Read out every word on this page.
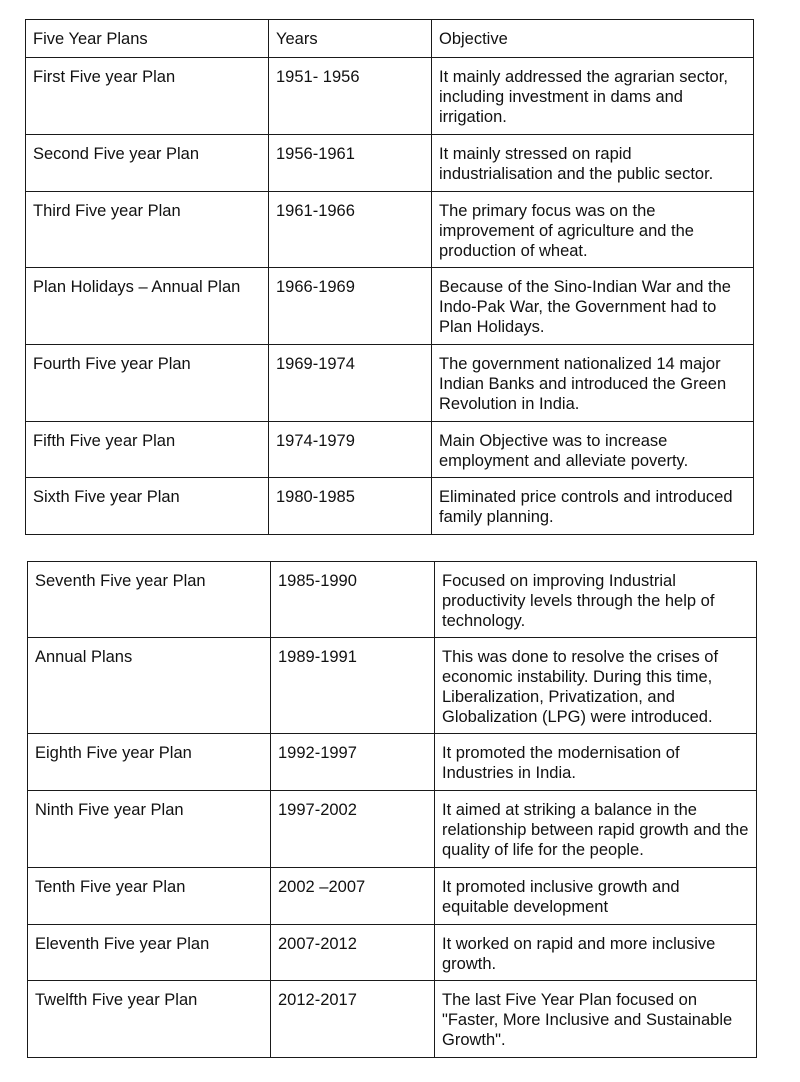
Five Year Plans	Years	Objective
First Five year Plan	1951- 1956	It mainly addressed the agrarian sector, including investment in dams and irrigation.
Second Five year Plan	1956-1961	It mainly stressed on rapid industrialisation and the public sector.
Third Five year Plan	1961-1966	The primary focus was on the improvement of agriculture and the production of wheat.
Plan Holidays – Annual Plan	1966-1969	Because of the Sino-Indian War and the Indo-Pak War, the Government had to Plan Holidays.
Fourth Five year Plan	1969-1974	The government nationalized 14 major Indian Banks and introduced the Green Revolution in India.
Fifth Five year Plan	1974-1979	Main Objective was to increase employment and alleviate poverty.
Sixth Five year Plan	1980-1985	Eliminated price controls and introduced family planning.
Seventh Five year Plan	1985-1990	Focused on improving Industrial productivity levels through the help of technology.
Annual Plans	1989-1991	This was done to resolve the crises of economic instability. During this time, Liberalization, Privatization, and Globalization (LPG) were introduced.
Eighth Five year Plan	1992-1997	It promoted the modernisation of Industries in India.
Ninth Five year Plan	1997-2002	It aimed at striking a balance in the relationship between rapid growth and the quality of life for the people.
Tenth Five year Plan	2002 –2007	It promoted inclusive growth and equitable development
Eleventh Five year Plan	2007-2012	It worked on rapid and more inclusive growth.
Twelfth Five year Plan	2012-2017	The last Five Year Plan focused on "Faster, More Inclusive and Sustainable Growth".
